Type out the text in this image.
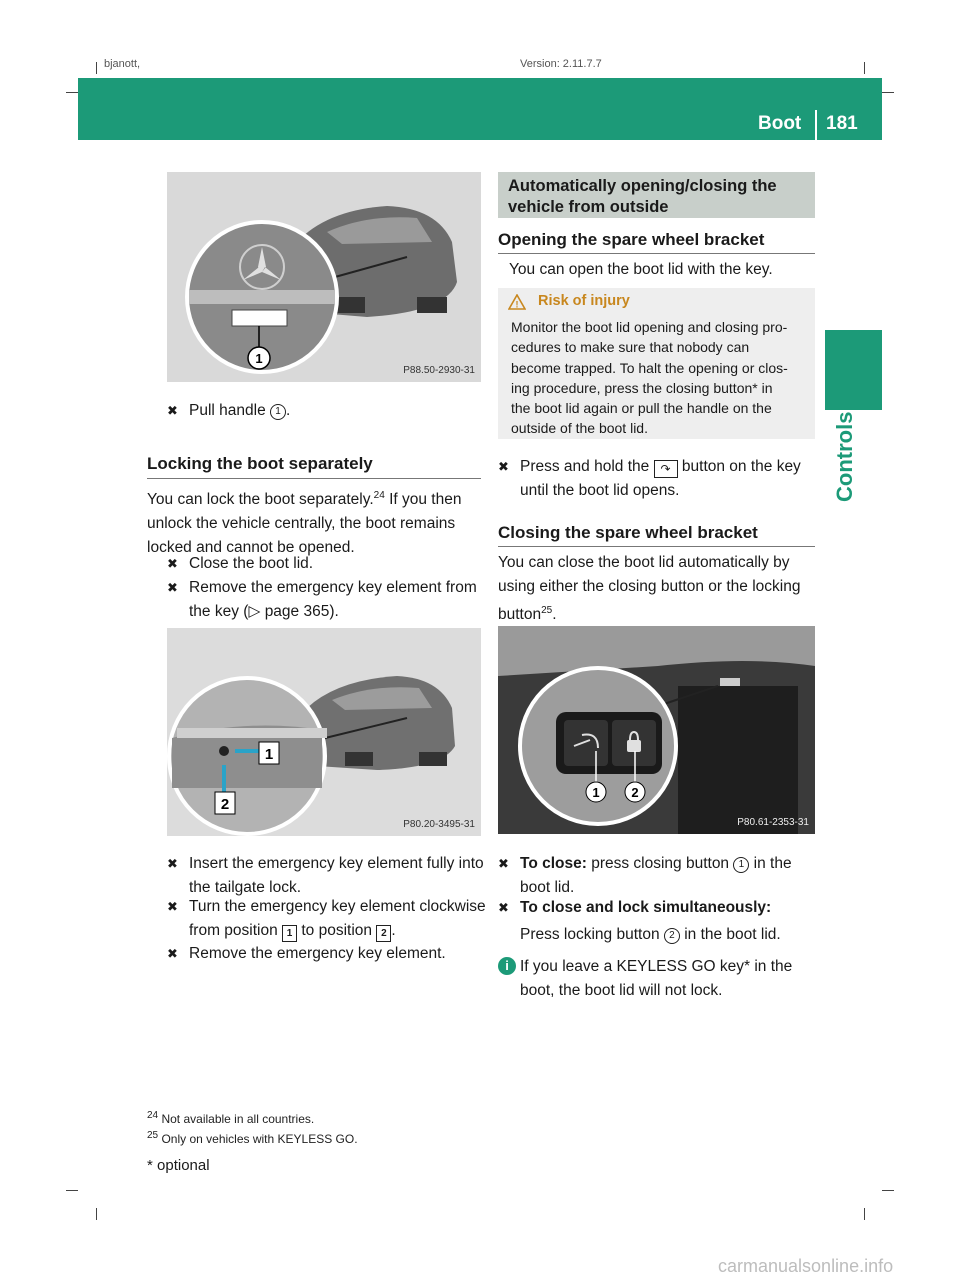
bjanott,	Version: 2.11.7.7
Boot 181
Controls
1
P88.50-2930-31
✖ Pull handle 1 .
Locking the boot separately
You can lock the boot separately.$^{24}$ If you then
unlock the vehicle centrally, the boot remains
locked and cannot be opened.
✖ Close the boot lid.
✖ Remove the emergency key element from
the key (▷ page 365).
1
2
P80.20-3495-31
✖ Insert the emergency key element fully into
the tailgate lock.
✖ Turn the emergency key element clockwise
from position 1 to position 2 .
✖ Remove the emergency key element.
Automatically opening/closing the
vehicle from outside
Opening the spare wheel bracket
You can open the boot lid with the key.
! Risk of injury
Monitor the boot lid opening and closing pro-
cedures to make sure that nobody can
become trapped. To halt the opening or clos-
ing procedure, press the closing button* in
the boot lid again or pull the handle on the
outside of the boot lid.
✖ Press and hold the ↷ button on the key
until the boot lid opens.
Closing the spare wheel bracket
You can close the boot lid automatically by
using either the closing button or the locking
button$^{25}$.
1 2
P80.61-2353-31
✖ To close: press closing button 1 in the
boot lid.
✖ To close and lock simultaneously:
Press locking button 2 in the boot lid.
i If you leave a KEYLESS GO key* in the
boot, the boot lid will not lock.
$^{24}$ Not available in all countries.
$^{25}$ Only on vehicles with KEYLESS GO.
* optional
carmanualsonline.info
